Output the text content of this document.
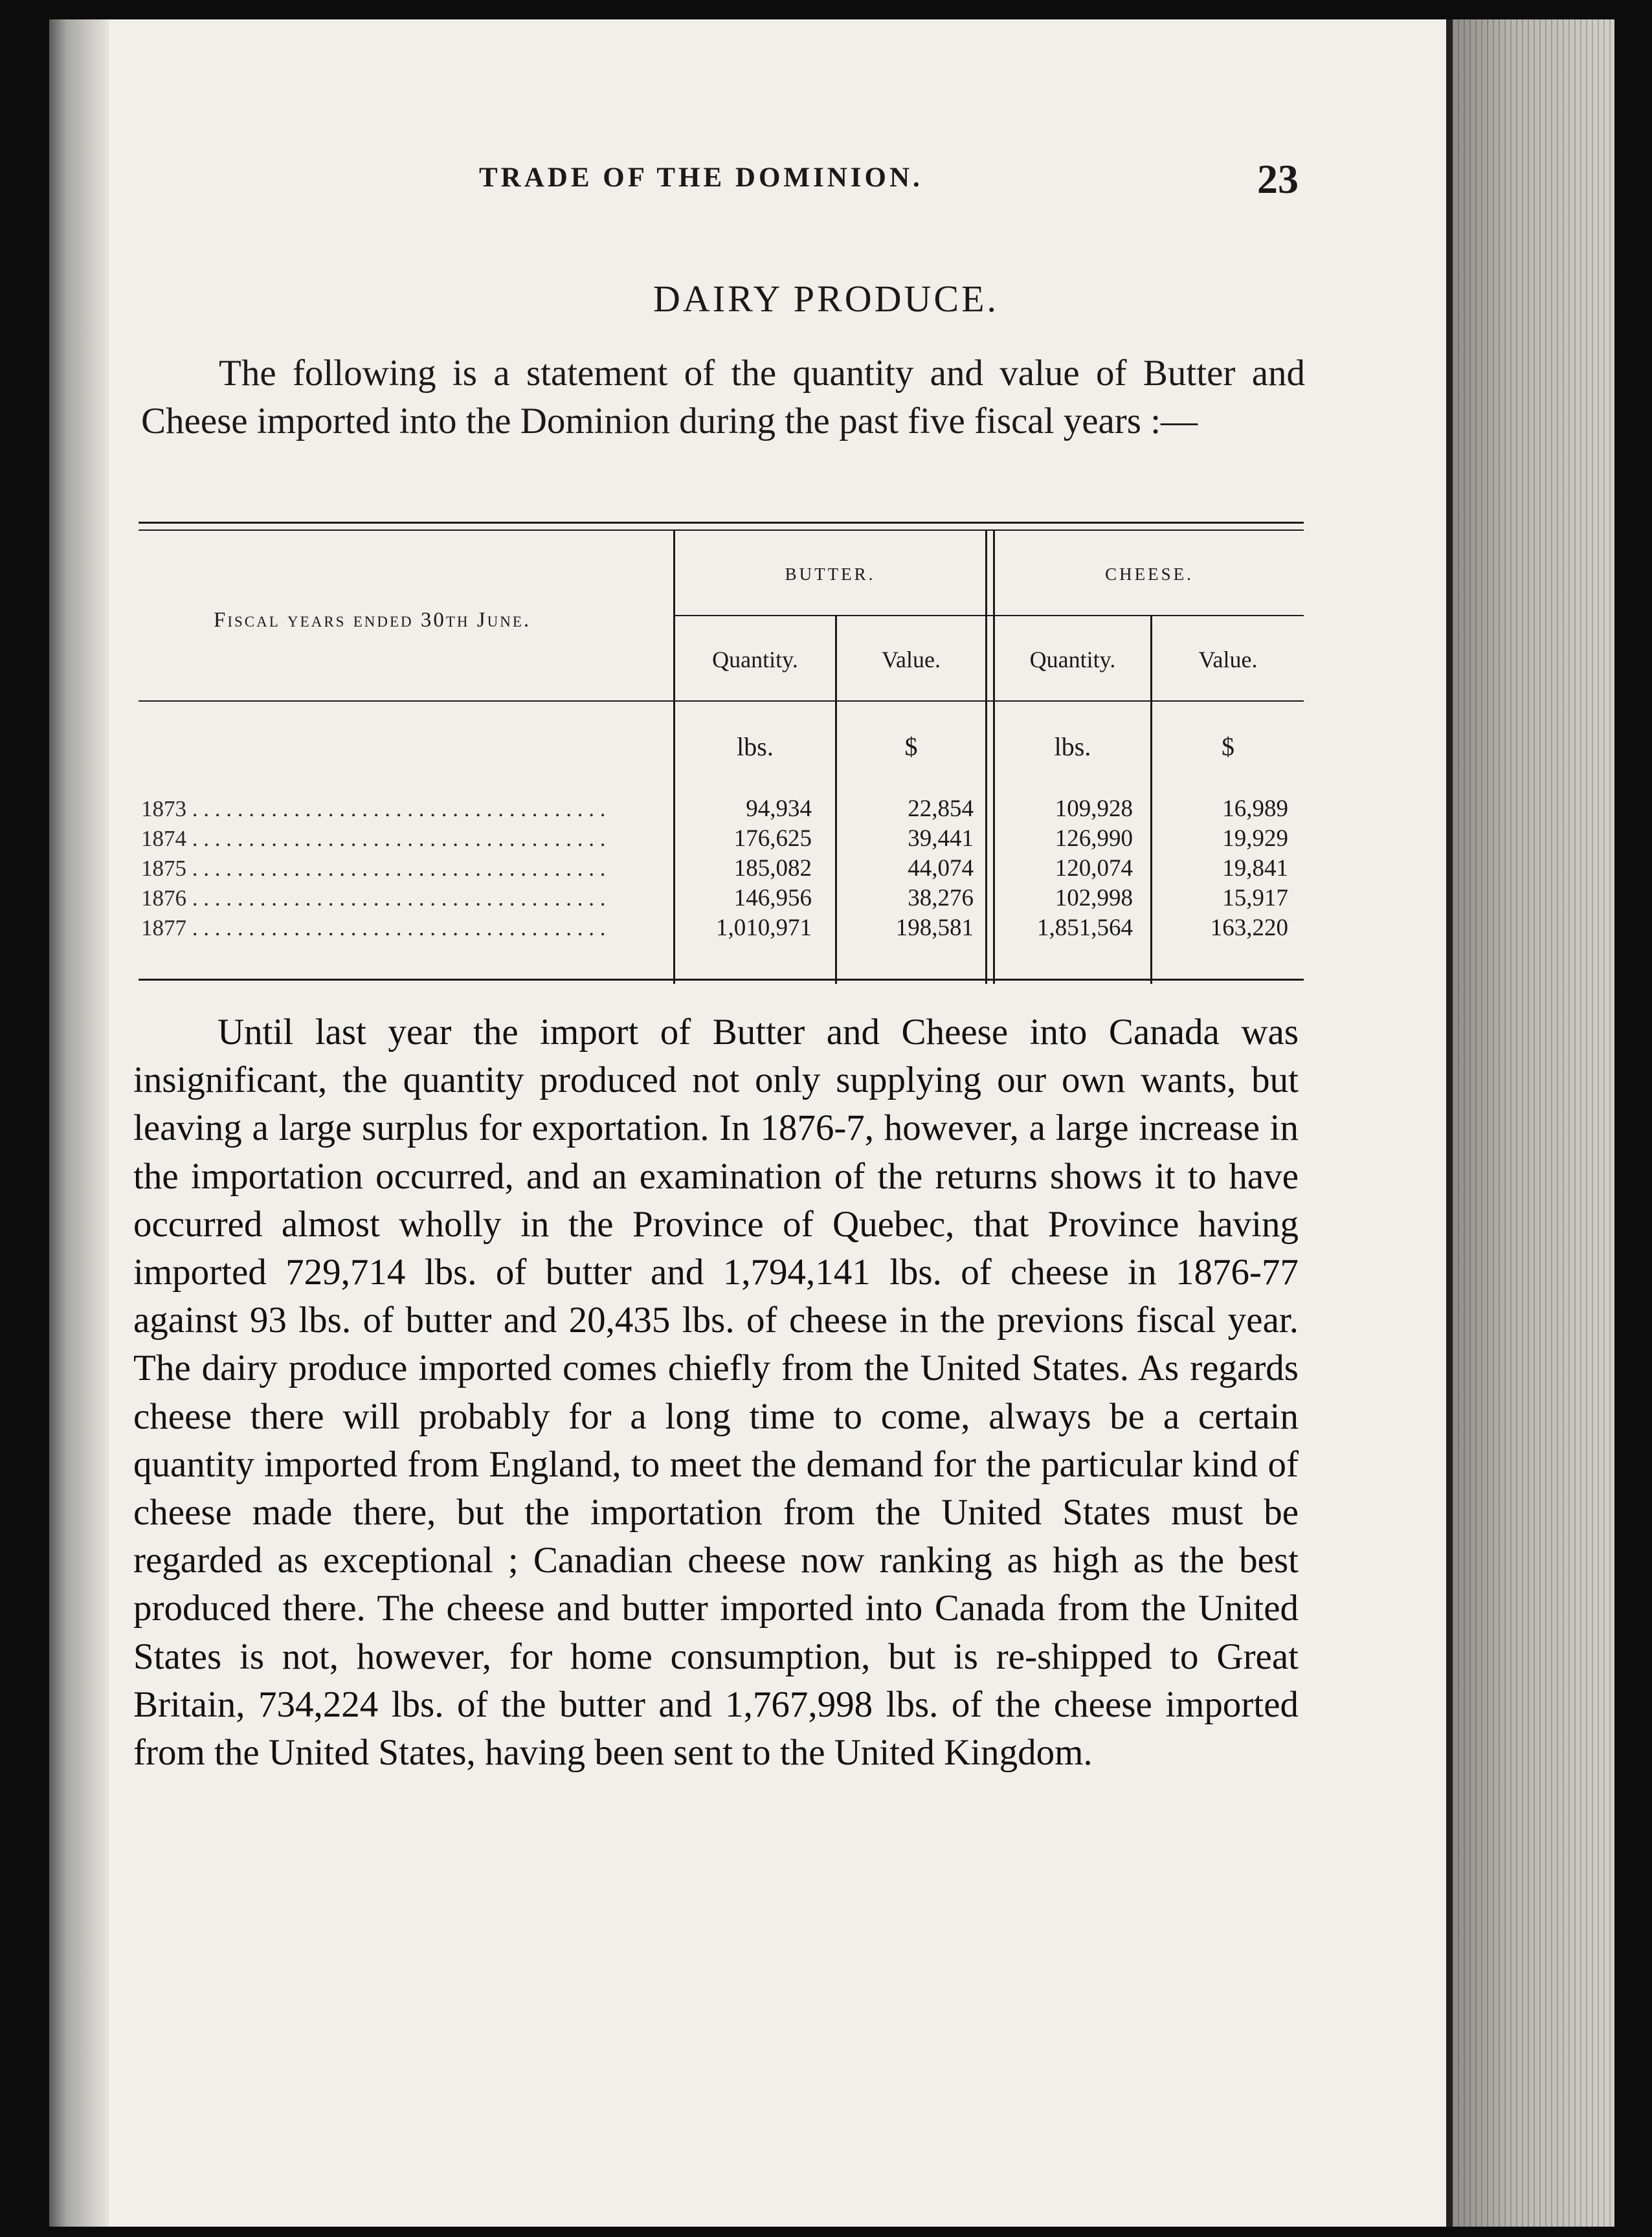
TRADE OF THE DOMINION.	23
DAIRY PRODUCE.
The following is a statement of the quantity and value of Butter and Cheese imported into the Dominion during the past five fiscal years :—
Fiscal years ended 30th June.
BUTTER.	CHEESE.
Quantity.	Value.	Quantity.	Value.
lbs.	$	lbs.	$
1873 . . . . . . . . . . . . . . . . . . . . . . . . . . . . . . . . . . . . .	94,934	22,854	109,928	16,989
1874 . . . . . . . . . . . . . . . . . . . . . . . . . . . . . . . . . . . . .	176,625	39,441	126,990	19,929
1875 . . . . . . . . . . . . . . . . . . . . . . . . . . . . . . . . . . . . .	185,082	44,074	120,074	19,841
1876 . . . . . . . . . . . . . . . . . . . . . . . . . . . . . . . . . . . . .	146,956	38,276	102,998	15,917
1877 . . . . . . . . . . . . . . . . . . . . . . . . . . . . . . . . . . . . .	1,010,971	198,581	1,851,564	163,220
Until last year the import of Butter and Cheese into Canada was insignificant, the quantity produced not only supplying our own wants, but leaving a large surplus for exportation. In 1876-7, however, a large increase in the importation occurred, and an examination of the returns shows it to have occurred almost wholly in the Province of Quebec, that Province having imported 729,714 lbs. of butter and 1,794,141 lbs. of cheese in 1876-77 against 93 lbs. of butter and 20,435 lbs. of cheese in the previons fiscal year. The dairy produce imported comes chiefly from the United States. As regards cheese there will probably for a long time to come, always be a certain quantity imported from England, to meet the demand for the particular kind of cheese made there, but the importation from the United States must be regarded as exceptional ; Canadian cheese now ranking as high as the best produced there. The cheese and butter imported into Canada from the United States is not, however, for home consumption, but is re-shipped to Great Britain, 734,224 lbs. of the butter and 1,767,998 lbs. of the cheese imported from the United States, having been sent to the United Kingdom.
